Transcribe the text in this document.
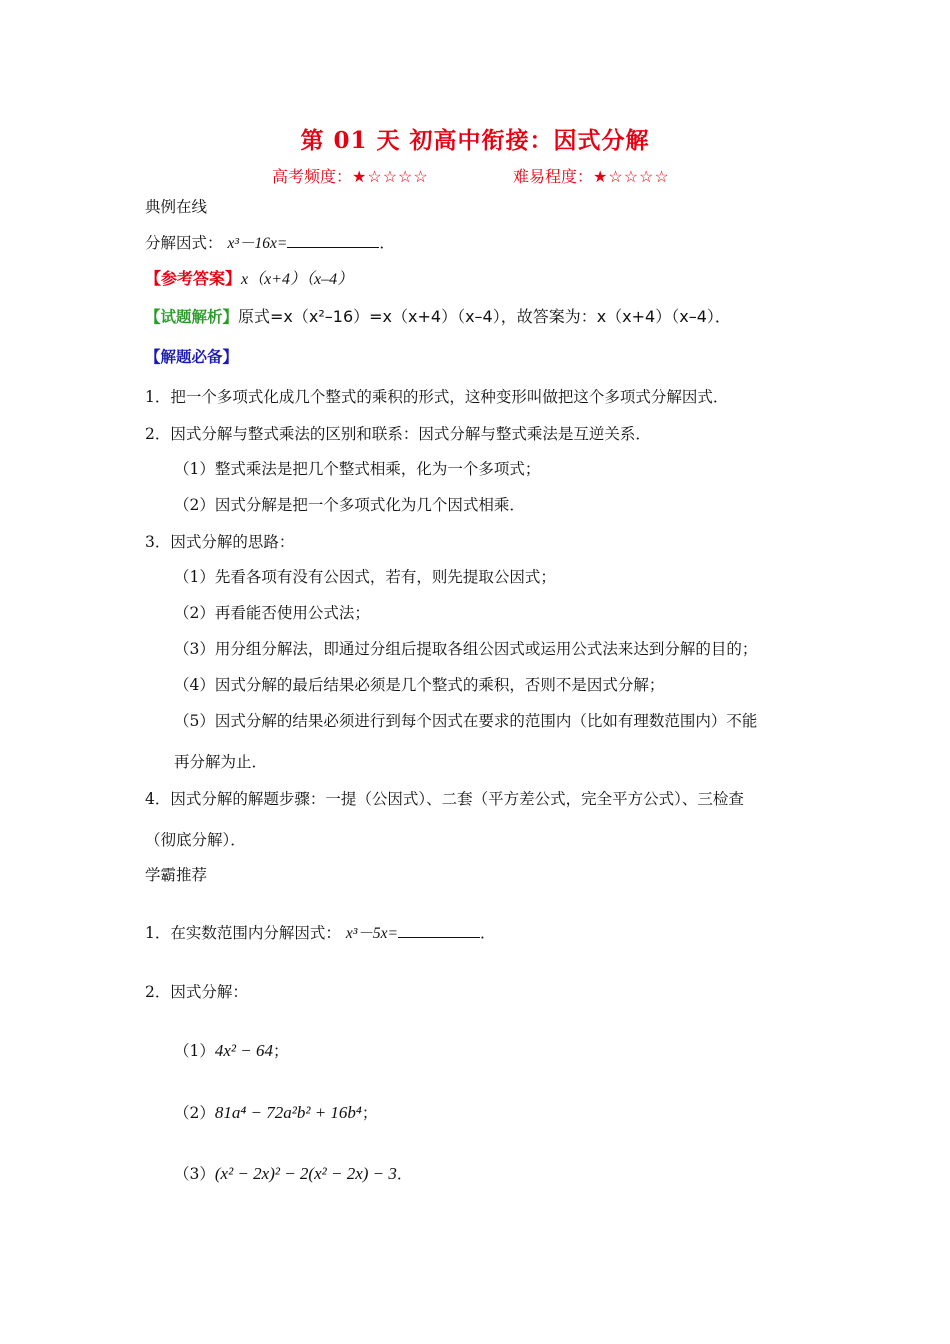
第 01 天 初高中衔接：因式分解
高考频度：★☆☆☆☆	难易程度：★☆☆☆☆
典例在线
分解因式： x³－16x=	．
【参考答案】x（x+4）（x–4）
【试题解析】原式=x（x²–16）=x（x+4）（x–4），故答案为：x（x+4）（x–4）．
【解题必备】
1．把一个多项式化成几个整式的乘积的形式，这种变形叫做把这个多项式分解因式．
2．因式分解与整式乘法的区别和联系：因式分解与整式乘法是互逆关系．
（1）整式乘法是把几个整式相乘，化为一个多项式；
（2）因式分解是把一个多项式化为几个因式相乘．
3．因式分解的思路：
（1）先看各项有没有公因式，若有，则先提取公因式；
（2）再看能否使用公式法；
（3）用分组分解法，即通过分组后提取各组公因式或运用公式法来达到分解的目的；
（4）因式分解的最后结果必须是几个整式的乘积，否则不是因式分解；
（5）因式分解的结果必须进行到每个因式在要求的范围内（比如有理数范围内）不能
再分解为止．
4．因式分解的解题步骤：一提（公因式）、二套（平方差公式，完全平方公式）、三检查
（彻底分解）．
学霸推荐
1．在实数范围内分解因式： x³－5x=	．
2．因式分解：
（1）4x² − 64；
（2）81a⁴ − 72a²b² + 16b⁴；
（3）(x² − 2x)² − 2(x² − 2x) − 3．
